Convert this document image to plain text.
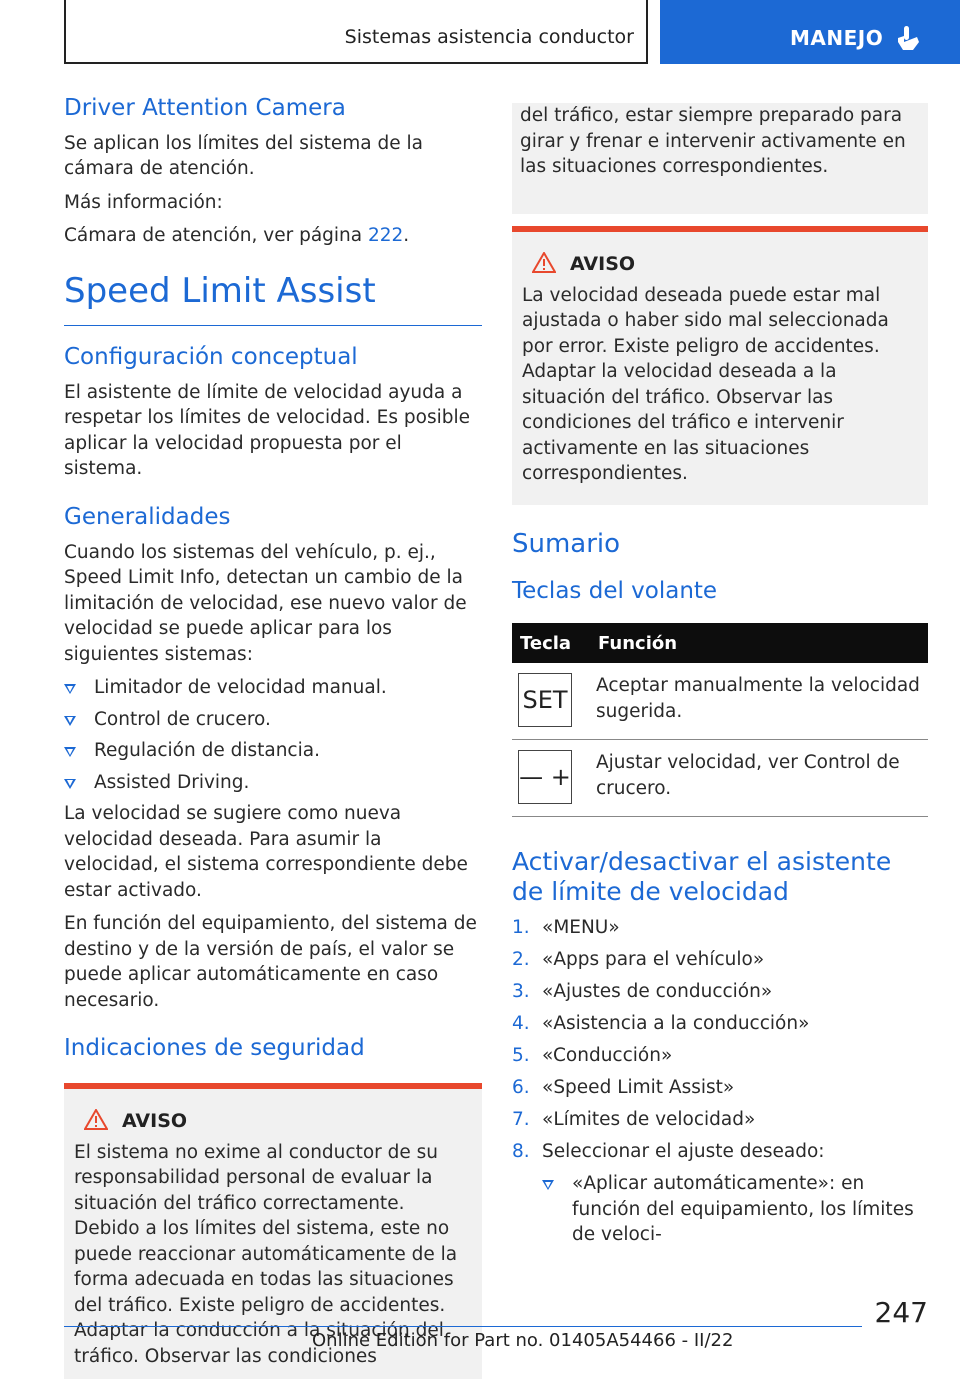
Sistemas asistencia conductor	MANEJO
Driver Attention Camera

Se aplican los límites del sistema de la cámara de atención.

Más información:

Cámara de atención, ver página 222.

Speed Limit Assist
Configuración conceptual

El asistente de límite de velocidad ayuda a respetar los límites de velocidad. Es posible aplicar la velocidad propuesta por el sistema.

Generalidades

Cuando los sistemas del vehículo, p. ej., Speed Limit Info, detectan un cambio de la limitación de velocidad, ese nuevo valor de velocidad se puede aplicar para los siguientes sistemas:

Limitador de velocidad manual.
Control de crucero.
Regulación de distancia.
Assisted Driving.

La velocidad se sugiere como nueva velocidad deseada. Para asumir la velocidad, el sistema correspondiente debe estar activado.

En función del equipamiento, del sistema de destino y de la versión de país, el valor se puede aplicar automáticamente en caso necesario.

Indicaciones de seguridad
AVISO

El sistema no exime al conductor de su responsabilidad personal de evaluar la situación del tráfico correctamente. Debido a los límites del sistema, este no puede reaccionar automáticamente de la forma adecuada en todas las situaciones del tráfico. Existe peligro de accidentes. Adaptar la conducción a la situación del tráfico. Observar las condiciones

del tráfico, estar siempre preparado para girar y frenar e intervenir activamente en las situaciones correspondientes.

AVISO

La velocidad deseada puede estar mal ajustada o haber sido mal seleccionada por error. Existe peligro de accidentes. Adaptar la velocidad deseada a la situación del tráfico. Observar las condiciones del tráfico e intervenir activamente en las situaciones correspondientes.

Sumario
Teclas del volante
Tecla	Función

SET	Aceptar manualmente la velocidad sugerida.

— +	Ajustar velocidad, ver Control de crucero.
Activar/desactivar el asistente de límite de velocidad
1. «MENU»
2. «Apps para el vehículo»
3. «Ajustes de conducción»
4. «Asistencia a la conducción»
5. «Conducción»
6. «Speed Limit Assist»
7. «Límites de velocidad»
8. Seleccionar el ajuste deseado:
«Aplicar automáticamente»: en función del equipamiento, los límites de veloci-
247
Online Edition for Part no. 01405A54466 - II/22
